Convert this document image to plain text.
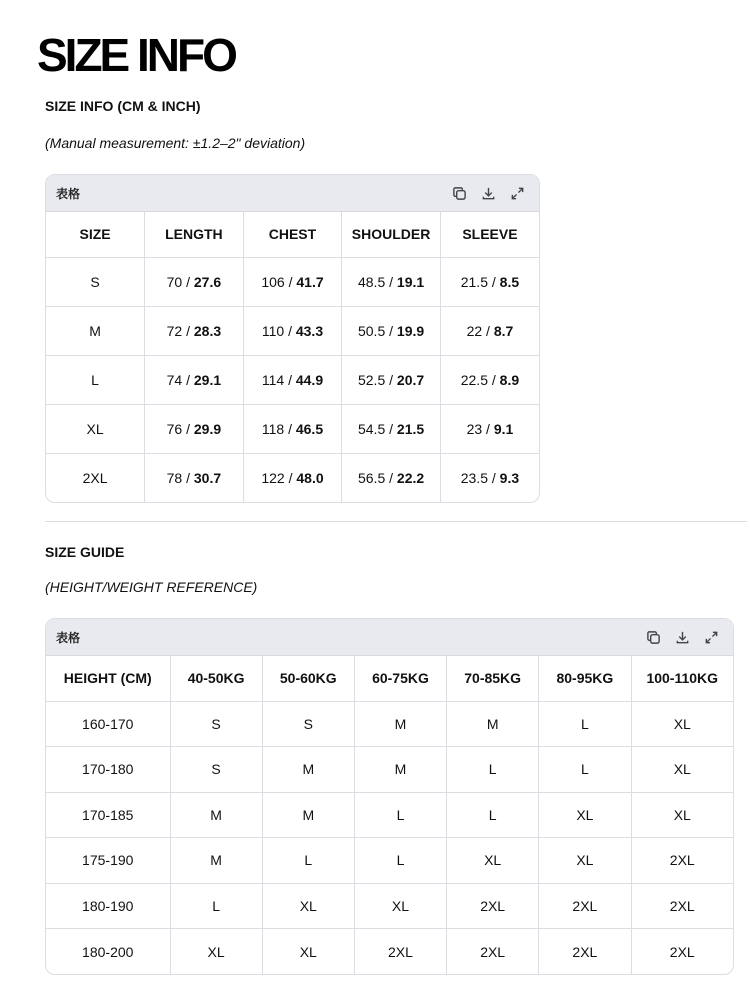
SIZE INFO
SIZE INFO (CM & INCH)
(Manual measurement: ±1.2–2" deviation)
表格
SIZE	LENGTH	CHEST	SHOULDER	SLEEVE
S	70 / 27.6	106 / 41.7	48.5 / 19.1	21.5 / 8.5
M	72 / 28.3	110 / 43.3	50.5 / 19.9	22 / 8.7
L	74 / 29.1	114 / 44.9	52.5 / 20.7	22.5 / 8.9
XL	76 / 29.9	118 / 46.5	54.5 / 21.5	23 / 9.1
2XL	78 / 30.7	122 / 48.0	56.5 / 22.2	23.5 / 9.3
SIZE GUIDE
(HEIGHT/WEIGHT REFERENCE)
表格
HEIGHT (CM)	40-50KG	50-60KG	60-75KG	70-85KG	80-95KG	100-110KG
160-170	S	S	M	M	L	XL
170-180	S	M	M	L	L	XL
170-185	M	M	L	L	XL	XL
175-190	M	L	L	XL	XL	2XL
180-190	L	XL	XL	2XL	2XL	2XL
180-200	XL	XL	2XL	2XL	2XL	2XL
